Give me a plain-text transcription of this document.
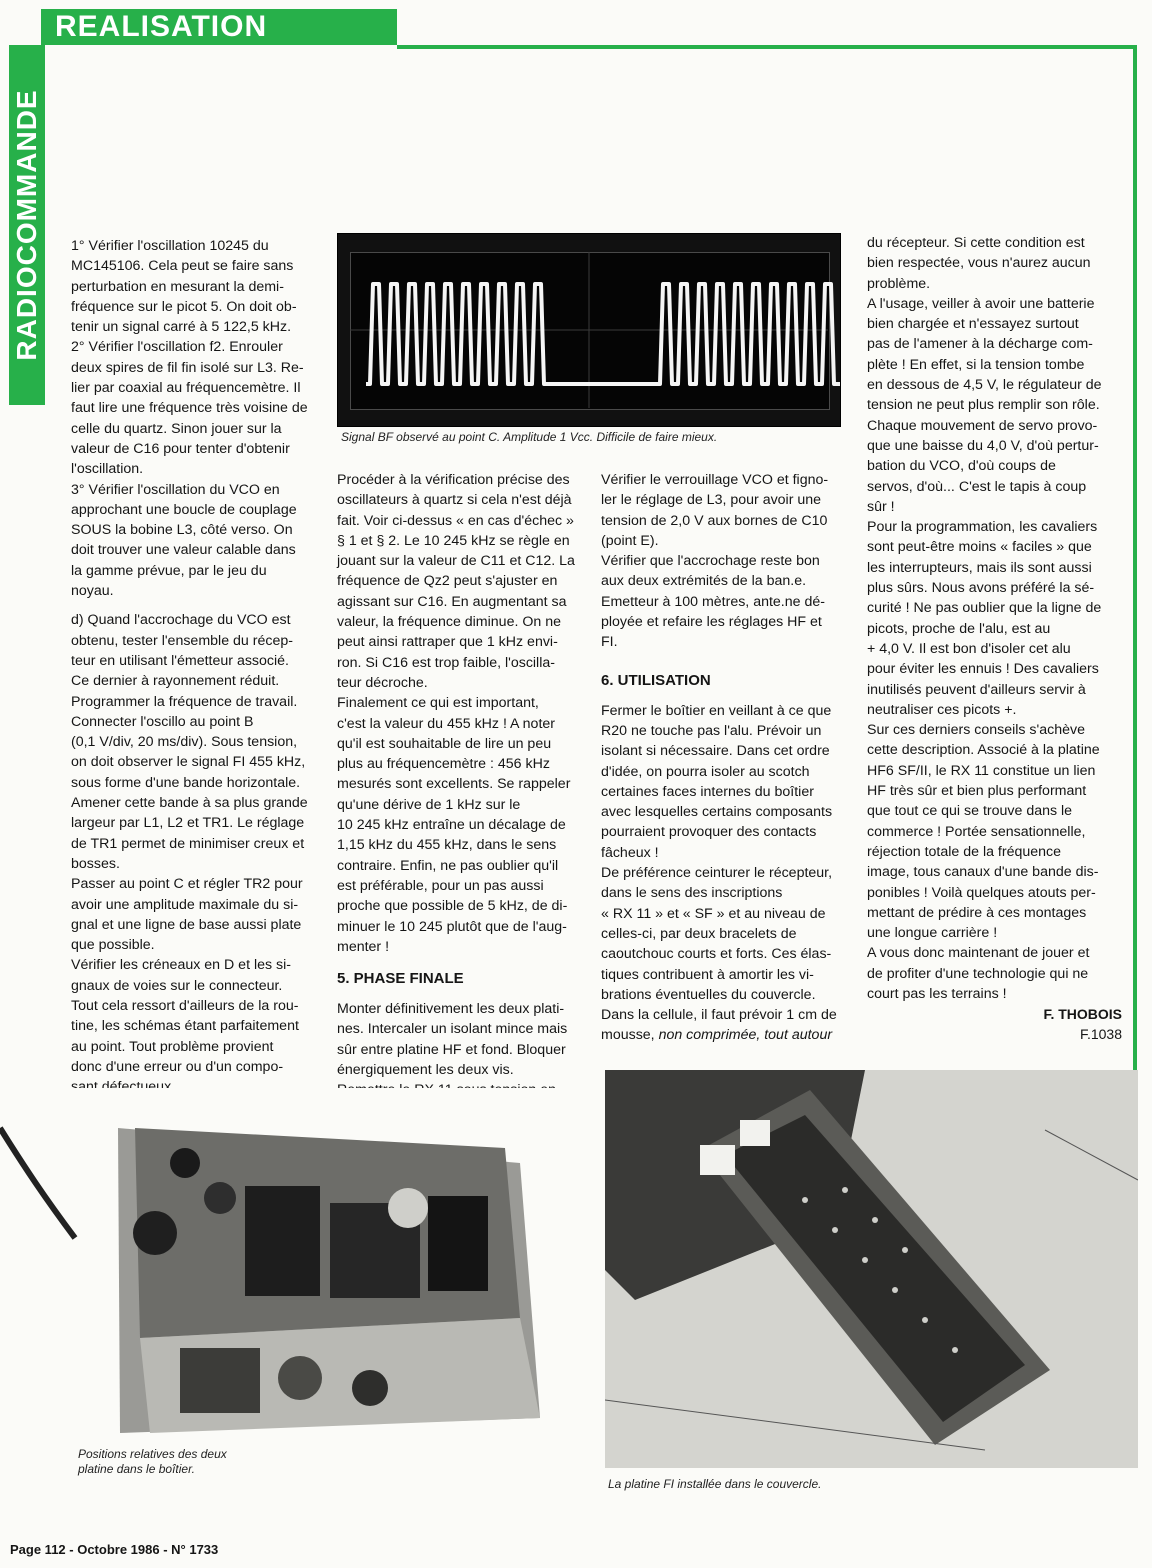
REALISATION
RADIOCOMMANDE
Signal BF observé au point C. Amplitude 1 Vcc. Difficile de faire mieux.

1° Vérifier l'oscillation 10245 du

MC145106. Cela peut se faire sans

perturbation en mesurant la demi-

fréquence sur le picot 5. On doit ob-

tenir un signal carré à 5 122,5 kHz.

2° Vérifier l'oscillation f2. Enrouler

deux spires de fil fin isolé sur L3. Re-

lier par coaxial au fréquencemètre. Il

faut lire une fréquence très voisine de

celle du quartz. Sinon jouer sur la

valeur de C16 pour tenter d'obtenir

l'oscillation.

3° Vérifier l'oscillation du VCO en

approchant une boucle de couplage

SOUS la bobine L3, côté verso. On

doit trouver une valeur calable dans

la gamme prévue, par le jeu du

noyau.

d) Quand l'accrochage du VCO est

obtenu, tester l'ensemble du récep-

teur en utilisant l'émetteur associé.

Ce dernier à rayonnement réduit.

Programmer la fréquence de travail.

Connecter l'oscillo au point B

(0,1 V/div, 20 ms/div). Sous tension,

on doit observer le signal FI 455 kHz,

sous forme d'une bande horizontale.

Amener cette bande à sa plus grande

largeur par L1, L2 et TR1. Le réglage

de TR1 permet de minimiser creux et

bosses.

Passer au point C et régler TR2 pour

avoir une amplitude maximale du si-

gnal et une ligne de base aussi plate

que possible.

Vérifier les créneaux en D et les si-

gnaux de voies sur le connecteur.

Tout cela ressort d'ailleurs de la rou-

tine, les schémas étant parfaitement

au point. Tout problème provient

donc d'une erreur ou d'un compo-

Procéder à la vérification précise des

oscillateurs à quartz si cela n'est déjà

fait. Voir ci-dessus « en cas d'échec »

§ 1 et § 2. Le 10 245 kHz se règle en

jouant sur la valeur de C11 et C12. La

fréquence de Qz2 peut s'ajuster en

agissant sur C16. En augmentant sa

valeur, la fréquence diminue. On ne

peut ainsi rattraper que 1 kHz envi-

ron. Si C16 est trop faible, l'oscilla-

teur décroche.

Finalement ce qui est important,

c'est la valeur du 455 kHz ! A noter

qu'il est souhaitable de lire un peu

plus au fréquencemètre : 456 kHz

mesurés sont excellents. Se rappeler

qu'une dérive de 1 kHz sur le

10 245 kHz entraîne un décalage de

1,15 kHz du 455 kHz, dans le sens

contraire. Enfin, ne pas oublier qu'il

est préférable, pour un pas aussi

proche que possible de 5 kHz, de di-

minuer le 10 245 plutôt que de l'aug-

menter !

5. PHASE FINALE

Monter définitivement les deux plati-

nes. Intercaler un isolant mince mais

sûr entre platine HF et fond. Bloquer

énergiquement les deux vis.

Vérifier le verrouillage VCO et figno-

ler le réglage de L3, pour avoir une

tension de 2,0 V aux bornes de C10

(point E).

Vérifier que l'accrochage reste bon

aux deux extrémités de la ban.e.

Emetteur à 100 mètres, ante.ne dé-

ployée et refaire les réglages HF et

FI.

6. UTILISATION

Fermer le boîtier en veillant à ce que

R20 ne touche pas l'alu. Prévoir un

isolant si nécessaire. Dans cet ordre

d'idée, on pourra isoler au scotch

certaines faces internes du boîtier

avec lesquelles certains composants

pourraient provoquer des contacts

fâcheux !

De préférence ceinturer le récepteur,

dans le sens des inscriptions

« RX 11 » et « SF » et au niveau de

celles-ci, par deux bracelets de

caoutchouc courts et forts. Ces élas-

tiques contribuent à amortir les vi-

brations éventuelles du couvercle.

Dans la cellule, il faut prévoir 1 cm de

mousse, non comprimée, tout autour

du récepteur. Si cette condition est

bien respectée, vous n'aurez aucun

problème.

A l'usage, veiller à avoir une batterie

bien chargée et n'essayez surtout

pas de l'amener à la décharge com-

plète ! En effet, si la tension tombe

en dessous de 4,5 V, le régulateur de

tension ne peut plus remplir son rôle.

Chaque mouvement de servo provo-

que une baisse du 4,0 V, d'où pertur-

bation du VCO, d'où coups de

servos, d'où... C'est le tapis à coup

sûr !

Pour la programmation, les cavaliers

sont peut-être moins « faciles » que

les interrupteurs, mais ils sont aussi

plus sûrs. Nous avons préféré la sé-

curité ! Ne pas oublier que la ligne de

picots, proche de l'alu, est au

+ 4,0 V. Il est bon d'isoler cet alu

pour éviter les ennuis ! Des cavaliers

inutilisés peuvent d'ailleurs servir à

neutraliser ces picots +.

Sur ces derniers conseils s'achève

cette description. Associé à la platine

HF6 SF/II, le RX 11 constitue un lien

HF très sûr et bien plus performant

que tout ce qui se trouve dans le

commerce ! Portée sensationnelle,

réjection totale de la fréquence

image, tous canaux d'une bande dis-

ponibles ! Voilà quelques atouts per-

mettant de prédire à ces montages

une longue carrière !

A vous donc maintenant de jouer et

de profiter d'une technologie qui ne

court pas les terrains !

F. THOBOIS
F.1038
Positions relatives des deux platine dans le boîtier.
La platine FI installée dans le couvercle.
Page 112 - Octobre 1986 - N° 1733
